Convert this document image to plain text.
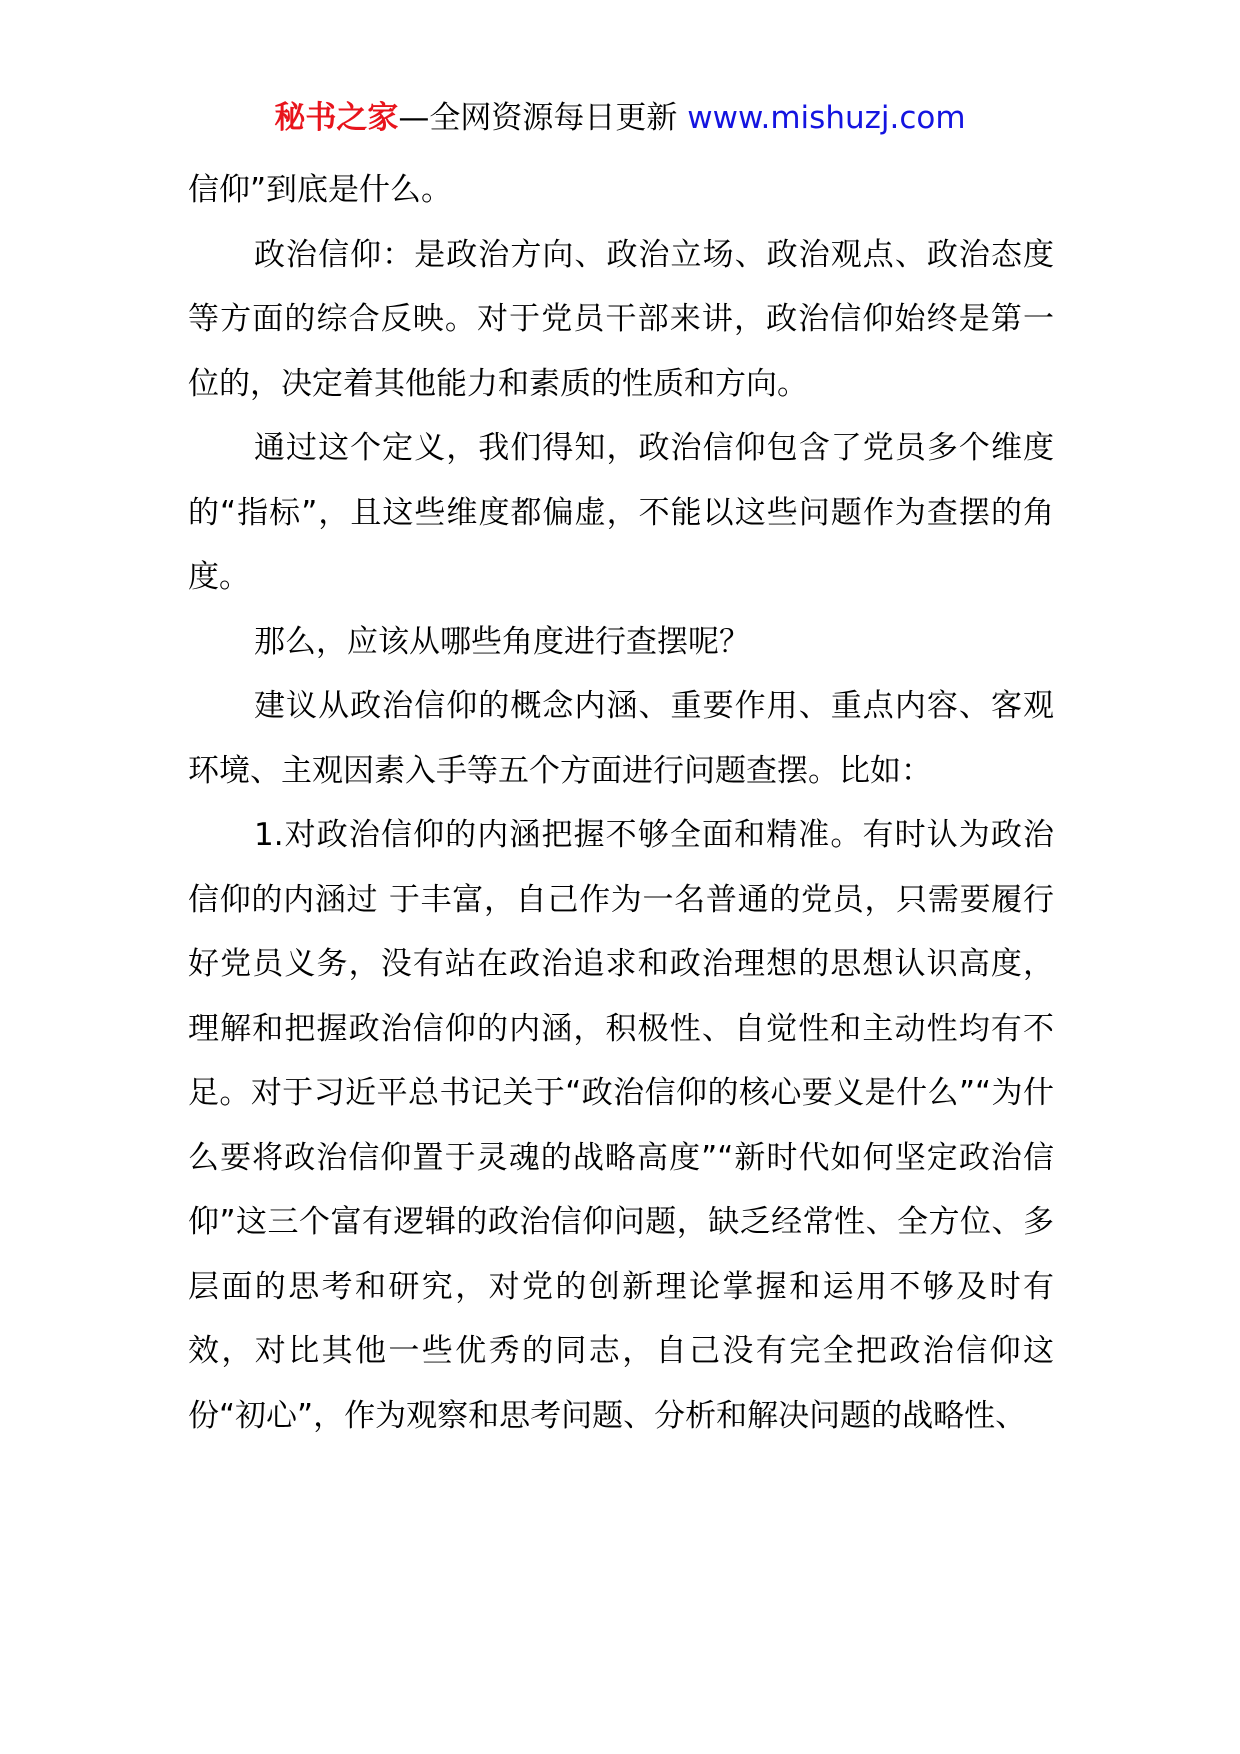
秘书之家—全网资源每日更新 www.mishuzj.com

信仰”到底是什么。

政治信仰：是政治方向、政治立场、政治观点、政治态度等方面的综合反映。对于党员干部来讲，政治信仰始终是第一位的，决定着其他能力和素质的性质和方向。

通过这个定义，我们得知，政治信仰包含了党员多个维度的“指标”，且这些维度都偏虚，不能以这些问题作为查摆的角度。

那么，应该从哪些角度进行查摆呢？

建议从政治信仰的概念内涵、重要作用、重点内容、客观环境、主观因素入手等五个方面进行问题查摆。比如：

1.对政治信仰的内涵把握不够全面和精准。有时认为政治信仰的内涵过 于丰富，自己作为一名普通的党员，只需要履行好党员义务，没有站在政治追求和政治理想的思想认识高度，理解和把握政治信仰的内涵，积极性、自觉性和主动性均有不足。对于习近平总书记关于“政治信仰的核心要义是什么”“为什么要将政治信仰置于灵魂的战略高度”“新时代如何坚定政治信仰”这三个富有逻辑的政治信仰问题，缺乏经常性、全方位、多层面的思考和研究，对党的创新理论掌握和运用不够及时有效，对比其他一些优秀的同志，自己没有完全把政治信仰这份“初心”，作为观察和思考问题、分析和解决问题的战略性、
